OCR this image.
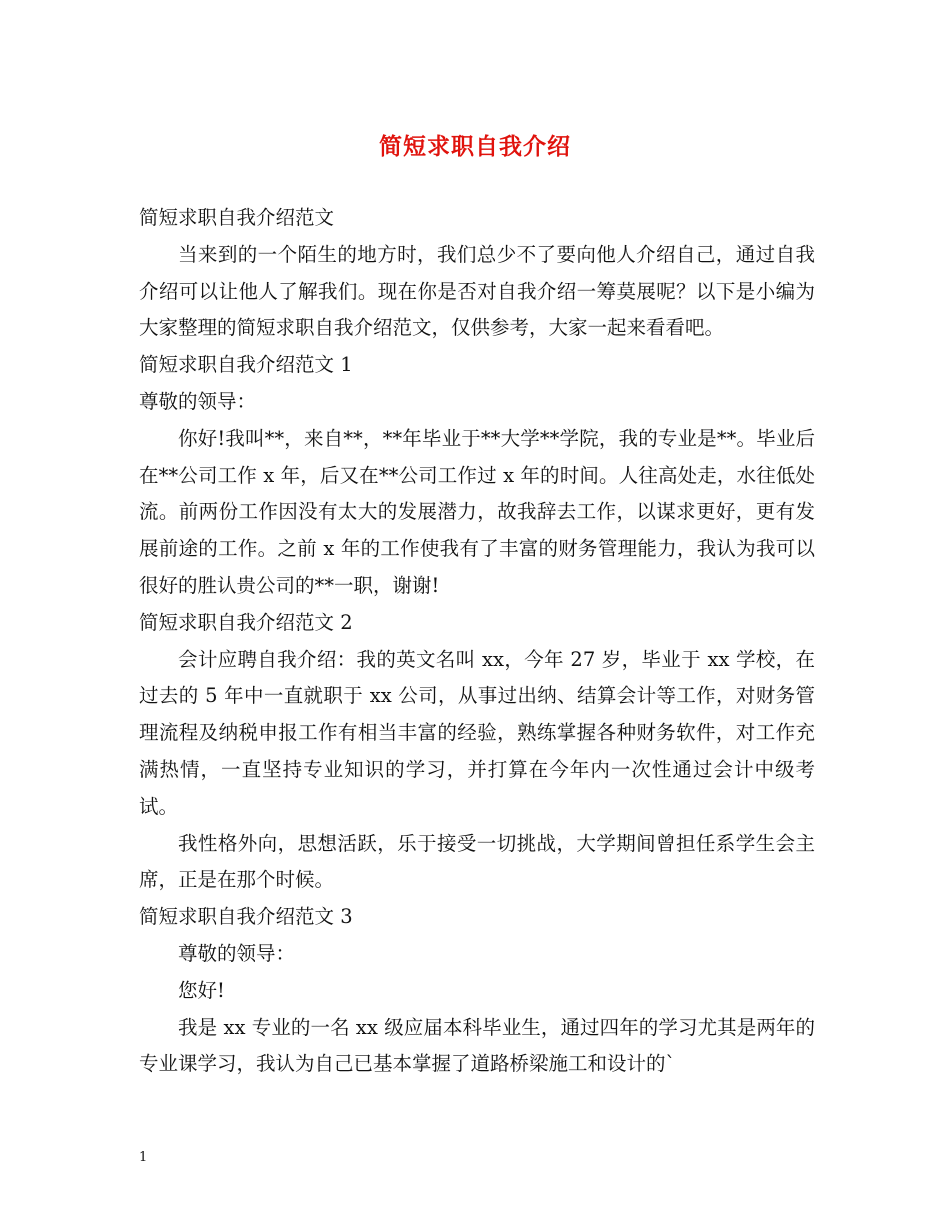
简短求职自我介绍

简短求职自我介绍范文

当来到的一个陌生的地方时，我们总少不了要向他人介绍自己，通过自我介绍可以让他人了解我们。现在你是否对自我介绍一筹莫展呢？以下是小编为大家整理的简短求职自我介绍范文，仅供参考，大家一起来看看吧。

简短求职自我介绍范文 1

尊敬的领导：

你好!我叫**，来自**，**年毕业于**大学**学院，我的专业是**。毕业后在**公司工作 x 年，后又在**公司工作过 x 年的时间。人往高处走，水往低处流。前两份工作因没有太大的发展潜力，故我辞去工作，以谋求更好，更有发展前途的工作。之前 x 年的工作使我有了丰富的财务管理能力，我认为我可以很好的胜认贵公司的**一职，谢谢!

简短求职自我介绍范文 2

会计应聘自我介绍：我的英文名叫 xx，今年 27 岁，毕业于 xx 学校，在过去的 5 年中一直就职于 xx 公司，从事过出纳、结算会计等工作，对财务管理流程及纳税申报工作有相当丰富的经验，熟练掌握各种财务软件，对工作充满热情，一直坚持专业知识的学习，并打算在今年内一次性通过会计中级考试。

我性格外向，思想活跃，乐于接受一切挑战，大学期间曾担任系学生会主席，正是在那个时候。

简短求职自我介绍范文 3

尊敬的领导：

您好!

我是 xx 专业的一名 xx 级应届本科毕业生，通过四年的学习尤其是两年的专业课学习，我认为自己已基本掌握了道路桥梁施工和设计的`

1
